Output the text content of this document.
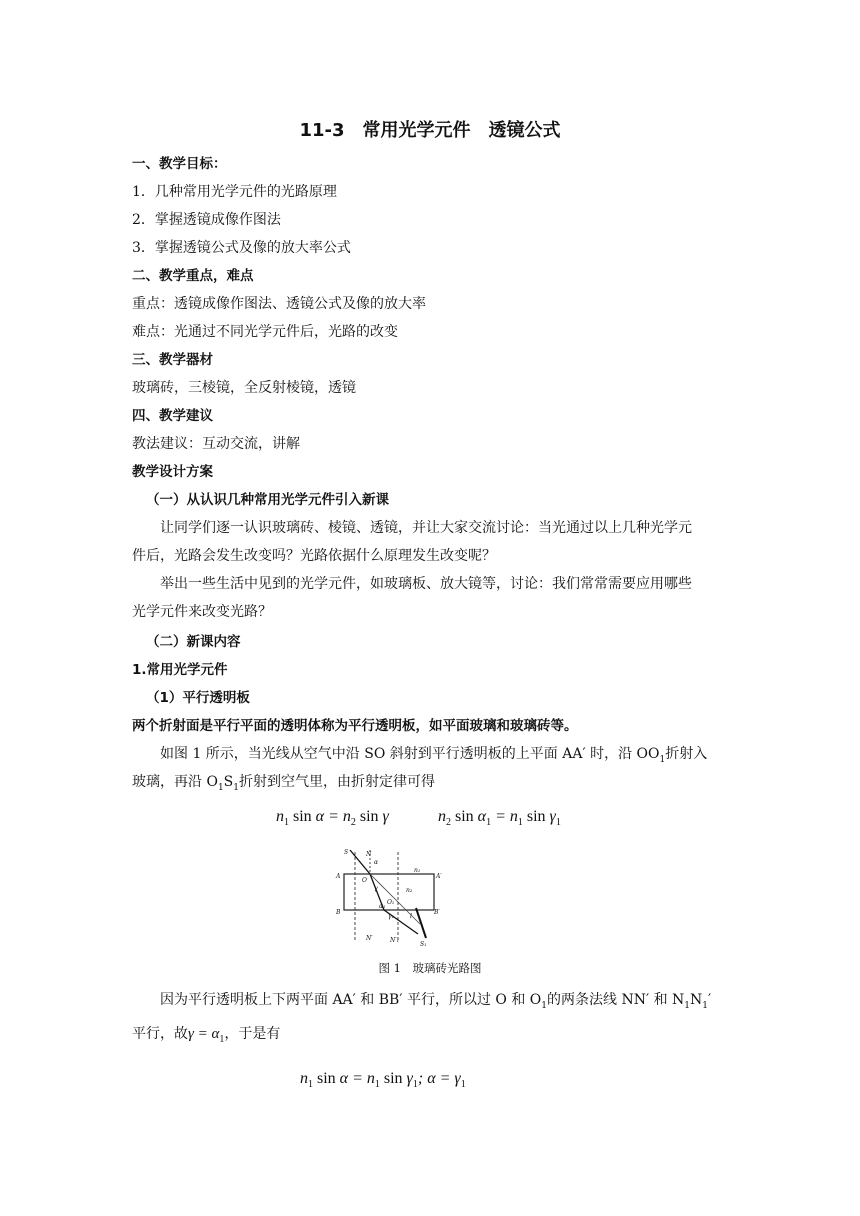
11-3 常用光学元件 透镜公式
一、教学目标：
1．几种常用光学元件的光路原理
2．掌握透镜成像作图法
3．掌握透镜公式及像的放大率公式
二、教学重点，难点
重点：透镜成像作图法、透镜公式及像的放大率
难点：光通过不同光学元件后，光路的改变
三、教学器材
玻璃砖，三棱镜，全反射棱镜，透镜
四、教学建议
教法建议：互动交流，讲解
教学设计方案
（一）从认识几种常用光学元件引入新课
让同学们逐一认识玻璃砖、棱镜、透镜，并让大家交流讨论：当光通过以上几种光学元
件后，光路会发生改变吗？光路依据什么原理发生改变呢？
举出一些生活中见到的光学元件，如玻璃板、放大镜等，讨论：我们常常需要应用哪些
光学元件来改变光路？
（二）新课内容
1.常用光学元件
（1）平行透明板
两个折射面是平行平面的透明体称为平行透明板，如平面玻璃和玻璃砖等。
如图 1 所示，当光线从空气中沿 SO 斜射到平行透明板的上平面 AA′ 时，沿 $OO_1$折射入
玻璃，再沿 $O_1S_1$折射到空气里，由折射定律可得
$n_1$ $\sin \alpha = n_2$ sin γ	$n_2$ $\sin \alpha_1 = n_1$ $\sin \gamma_1$
S	N
A	A′
O
O₁
n₁
n₂
B	B′
N′	N′₁
S₁
α
γ
γ₁
α₁
l
图 1　玻璃砖光路图
因为平行透明板上下两平面 AA′ 和 BB′ 平行，所以过 O 和 $O_1$的两条法线 NN′ 和 $N_1N_1'$
平行，故$\gamma = \alpha_1$，于是有
$n_1$ $\sin \alpha = n_1$ $\sin \gamma_1$; $\alpha = \gamma_1$
